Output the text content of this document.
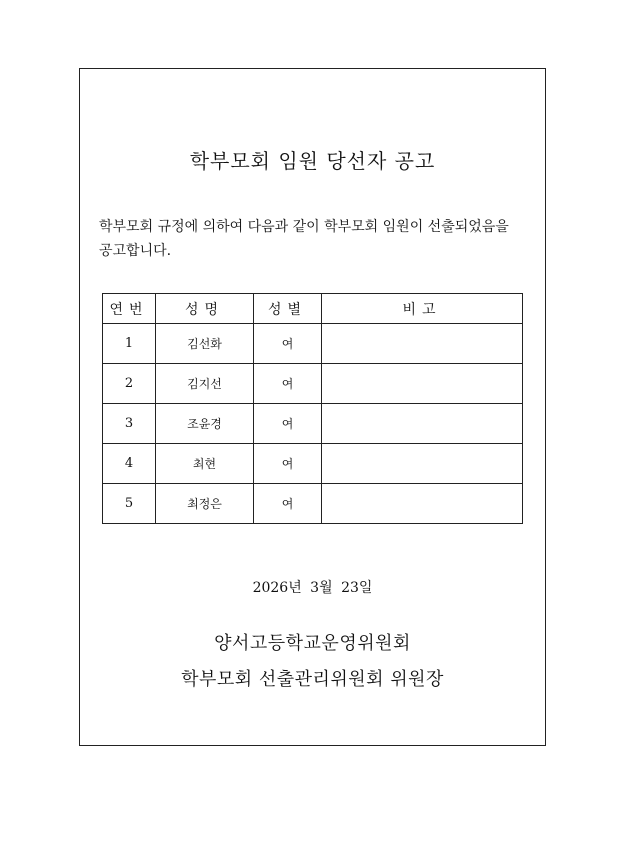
학부모회 임원 당선자 공고
학부모회 규정에 의하여 다음과 같이 학부모회 임원이 선출되었음을 공고합니다.
연번	성명	성별	비고
1	김선화	여	
2	김지선	여	
3	조윤경	여	
4	최현	여	
5	최정은	여	
2026년 3월 23일
양서고등학교운영위원회
학부모회 선출관리위원회 위원장
